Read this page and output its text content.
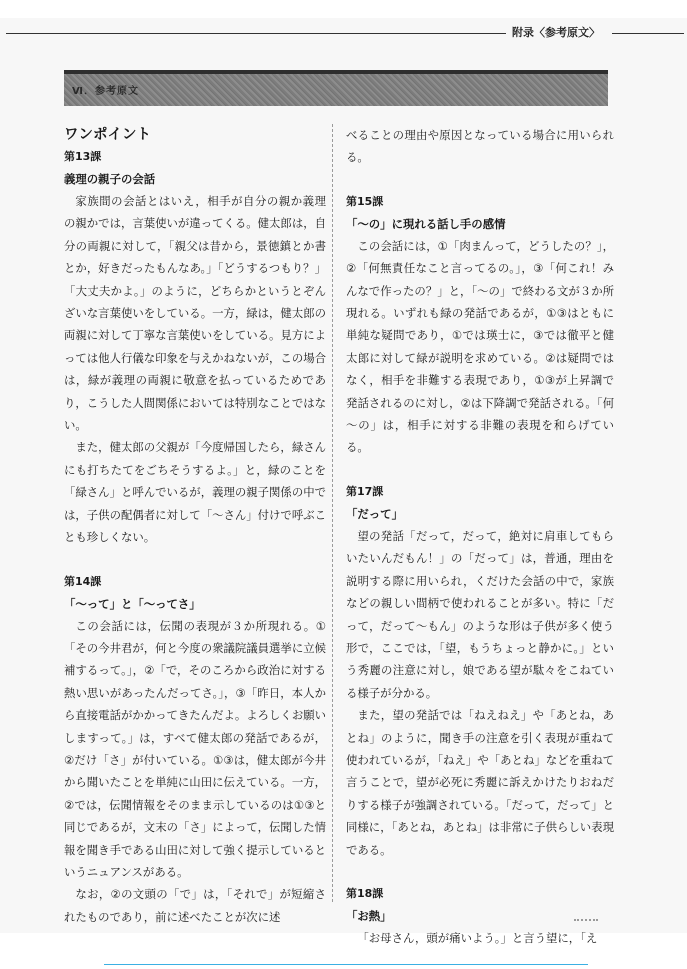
附录〈参考原文〉
Ⅵ．参考原文
ワンポイント
第13課
義理の親子の会話

家族間の会話とはいえ，相手が自分の親か義理の親かでは，言葉使いが違ってくる。健太郎は，自分の両親に対して，「親父は昔から，景徳鎮とか書とか，好きだったもんなあ。」「どうするつもり？」「大丈夫かよ。」のように，どちらかというとぞんざいな言葉使いをしている。一方，緑は，健太郎の両親に対して丁寧な言葉使いをしている。見方によっては他人行儀な印象を与えかねないが，この場合は，緑が義理の両親に敬意を払っているためであり，こうした人間関係においては特別なことではない。

また，健太郎の父親が「今度帰国したら，緑さんにも打ちたてをごちそうするよ。」と，緑のことを「緑さん」と呼んでいるが，義理の親子関係の中では，子供の配偶者に対して「～さん」付けで呼ぶことも珍しくない。

第14課
「～って」と「～ってさ」

この会話には，伝聞の表現が３か所現れる。①「その今井君が，何と今度の衆議院議員選挙に立候補するって。」，②「で，そのころから政治に対する熱い思いがあったんだってさ。」，③「昨日，本人から直接電話がかかってきたんだよ。よろしくお願いしますって。」は，すべて健太郎の発話であるが，②だけ「さ」が付いている。①③は，健太郎が今井から聞いたことを単純に山田に伝えている。一方，②では，伝聞情報をそのまま示しているのは①③と同じであるが，文末の「さ」によって，伝聞した情報を聞き手である山田に対して強く提示しているというニュアンスがある。

なお，②の文頭の「で」は，「それで」が短縮されたものであり，前に述べたことが次に述

べることの理由や原因となっている場合に用いられる。

第15課
「～の」に現れる話し手の感情

この会話には，①「肉まんって，どうしたの？」，②「何無責任なこと言ってるの。」，③「何これ！みんなで作ったの？」と，「～の」で終わる文が３か所現れる。いずれも緑の発話であるが，①③はともに単純な疑問であり，①では瑛士に，③では徹平と健太郎に対して緑が説明を求めている。②は疑問ではなく，相手を非難する表現であり，①③が上昇調で発話されるのに対し，②は下降調で発話される。「何～の」は，相手に対する非難の表現を和らげている。

第17課
「だって」

望の発話「だって，だって，絶対に肩車してもらいたいんだもん！」の「だって」は，普通，理由を説明する際に用いられ，くだけた会話の中で，家族などの親しい間柄で使われることが多い。特に「だって，だって～もん」のような形は子供が多く使う形で，ここでは，「望，もうちょっと静かに。」という秀麗の注意に対し，娘である望が駄々をこねている様子が分かる。

また，望の発話では「ねえねえ」や「あとね，あとね」のように，聞き手の注意を引く表現が重ねて使われているが，「ねえ」や「あとね」などを重ねて言うことで，望が必死に秀麗に訴えかけたりおねだりする様子が強調されている。「だって，だって」と同様に，「あとね，あとね」は非常に子供らしい表現である。

第18課
「お熱」

「お母さん，頭が痛いよう。」と言う望に，「え
